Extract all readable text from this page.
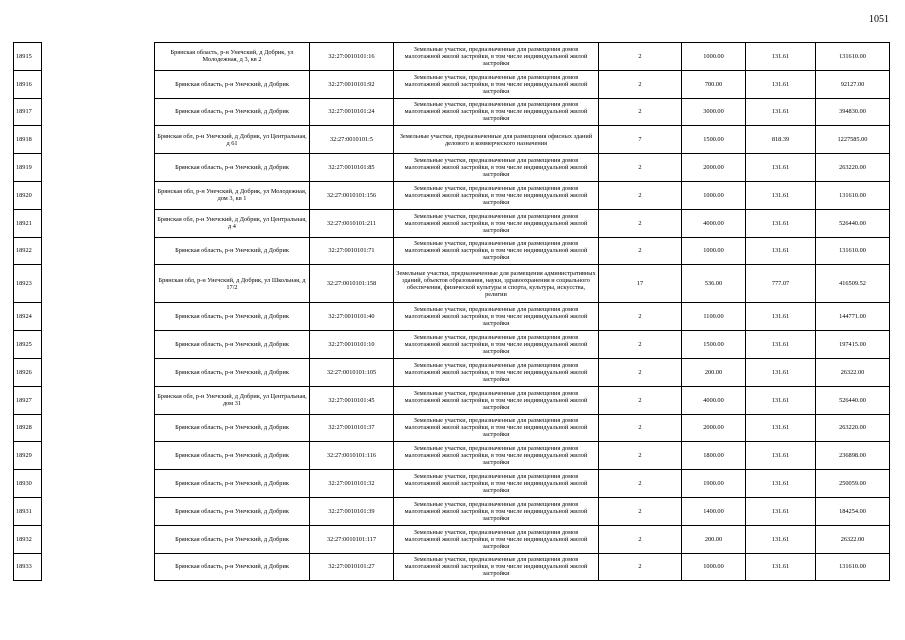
1051
18915		Брянская область, р-н Унечский, д Добрик, ул Молодежная, д 3, кв 2	32:27:0010101:16	Земельные участки, предназначенные для размещения домов малоэтажной жилой застройки, в том числе индивидуальной жилой застройки	2	1000.00	131.61	131610.00
18916		Брянская область, р-н Унечский, д Добрик	32:27:0010101:92	Земельные участки, предназначенные для размещения домов малоэтажной жилой застройки, в том числе индивидуальной жилой застройки	2	700.00	131.61	92127.00
18917		Брянская область, р-н Унечский, д Добрик	32:27:0010101:24	Земельные участки, предназначенные для размещения домов малоэтажной жилой застройки, в том числе индивидуальной жилой застройки	2	3000.00	131.61	394830.00
18918		Брянская обл, р-н Унечский, д Добрик, ул Центральная, д 61	32:27:0010101:5	Земельные участки, предназначенные для размещения офисных зданий делового и коммерческого назначения	7	1500.00	818.39	1227585.00
18919		Брянская область, р-н Унечский, д Добрик	32:27:0010101:85	Земельные участки, предназначенные для размещения домов малоэтажной жилой застройки, в том числе индивидуальной жилой застройки	2	2000.00	131.61	263220.00
18920		Брянская обл, р-н Унечский, д Добрик, ул Молодежная, дом 3, кв 1	32:27:0010101:156	Земельные участки, предназначенные для размещения домов малоэтажной жилой застройки, в том числе индивидуальной жилой застройки	2	1000.00	131.61	131610.00
18921		Брянская обл, р-н Унечский, д Добрик, ул Центральная, д 4	32:27:0010101:211	Земельные участки, предназначенные для размещения домов малоэтажной жилой застройки, в том числе индивидуальной жилой застройки	2	4000.00	131.61	526440.00
18922		Брянская область, р-н Унечский, д Добрик	32:27:0010101:71	Земельные участки, предназначенные для размещения домов малоэтажной жилой застройки, в том числе индивидуальной жилой застройки	2	1000.00	131.61	131610.00
18923		Брянская обл, р-н Унечский, д Добрик, ул Школьная, д 17/2	32:27:0010101:158	Земельные участки, предназначенные для размещения административных зданий, объектов образования, науки, здравоохранения и социального обеспечения, физической культуры и спорта, культуры, искусства, религии	17	536.00	777.07	416509.52
18924		Брянская область, р-н Унечский, д Добрик	32:27:0010101:40	Земельные участки, предназначенные для размещения домов малоэтажной жилой застройки, в том числе индивидуальной жилой застройки	2	1100.00	131.61	144771.00
18925		Брянская область, р-н Унечский, д Добрик	32:27:0010101:10	Земельные участки, предназначенные для размещения домов малоэтажной жилой застройки, в том числе индивидуальной жилой застройки	2	1500.00	131.61	197415.00
18926		Брянская область, р-н Унечский, д Добрик	32:27:0010101:105	Земельные участки, предназначенные для размещения домов малоэтажной жилой застройки, в том числе индивидуальной жилой застройки	2	200.00	131.61	26322.00
18927		Брянская обл, р-н Унечский, д Добрик, ул Центральная, дом 31	32:27:0010101:45	Земельные участки, предназначенные для размещения домов малоэтажной жилой застройки, в том числе индивидуальной жилой застройки	2	4000.00	131.61	526440.00
18928		Брянская область, р-н Унечский, д Добрик	32:27:0010101:37	Земельные участки, предназначенные для размещения домов малоэтажной жилой застройки, в том числе индивидуальной жилой застройки	2	2000.00	131.61	263220.00
18929		Брянская область, р-н Унечский, д Добрик	32:27:0010101:116	Земельные участки, предназначенные для размещения домов малоэтажной жилой застройки, в том числе индивидуальной жилой застройки	2	1800.00	131.61	236898.00
18930		Брянская область, р-н Унечский, д Добрик	32:27:0010101:32	Земельные участки, предназначенные для размещения домов малоэтажной жилой застройки, в том числе индивидуальной жилой застройки	2	1900.00	131.61	250059.00
18931		Брянская область, р-н Унечский, д Добрик	32:27:0010101:39	Земельные участки, предназначенные для размещения домов малоэтажной жилой застройки, в том числе индивидуальной жилой застройки	2	1400.00	131.61	184254.00
18932		Брянская область, р-н Унечский, д Добрик	32:27:0010101:117	Земельные участки, предназначенные для размещения домов малоэтажной жилой застройки, в том числе индивидуальной жилой застройки	2	200.00	131.61	26322.00
18933		Брянская область, р-н Унечский, д Добрик	32:27:0010101:27	Земельные участки, предназначенные для размещения домов малоэтажной жилой застройки, в том числе индивидуальной жилой застройки	2	1000.00	131.61	131610.00
